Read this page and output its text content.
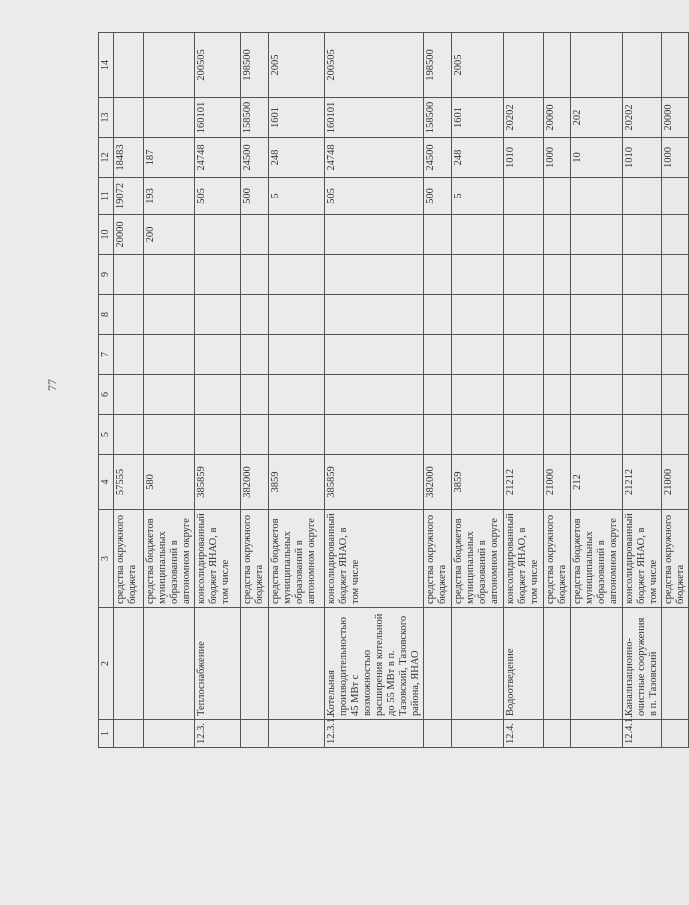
77
1	2	3	4	5	6	7	8	9	10	11	12	13	14
		средства окружного бюджета	57555						20000	19072	18483		
		средства бюджетов муниципальных образований в автономном округе	580						200	193	187		
12.3.	Теплоснабжение	консолидированный бюджет ЯНАО, в том числе	385859							505	24748	160101	200505
		средства окружного бюджета	382000							500	24500	158500	198500
		средства бюджетов муниципальных образований в автономном округе	3859							5	248	1601	2005
12.3.1.	Котельная производительностью 45 МВт с возможностью расширения котельной до 55 МВт в п. Тазовский, Тазовского района, ЯНАО	консолидированный бюджет ЯНАО, в том числе	385859							505	24748	160101	200505
		средства окружного бюджета	382000							500	24500	158500	198500
		средства бюджетов муниципальных образований в автономном округе	3859							5	248	1601	2005
12.4.	Водоотведение	консолидированный бюджет ЯНАО, в том числе	21212								1010	20202	
		средства окружного бюджета	21000								1000	20000	
		средства бюджетов муниципальных образований в автономном округе	212								10	202	
12.4.1.	Канализационно-очистные сооружения в п. Тазовский	консолидированный бюджет ЯНАО, в том числе	21212								1010	20202	
		средства окружного бюджета	21000								1000	20000	
